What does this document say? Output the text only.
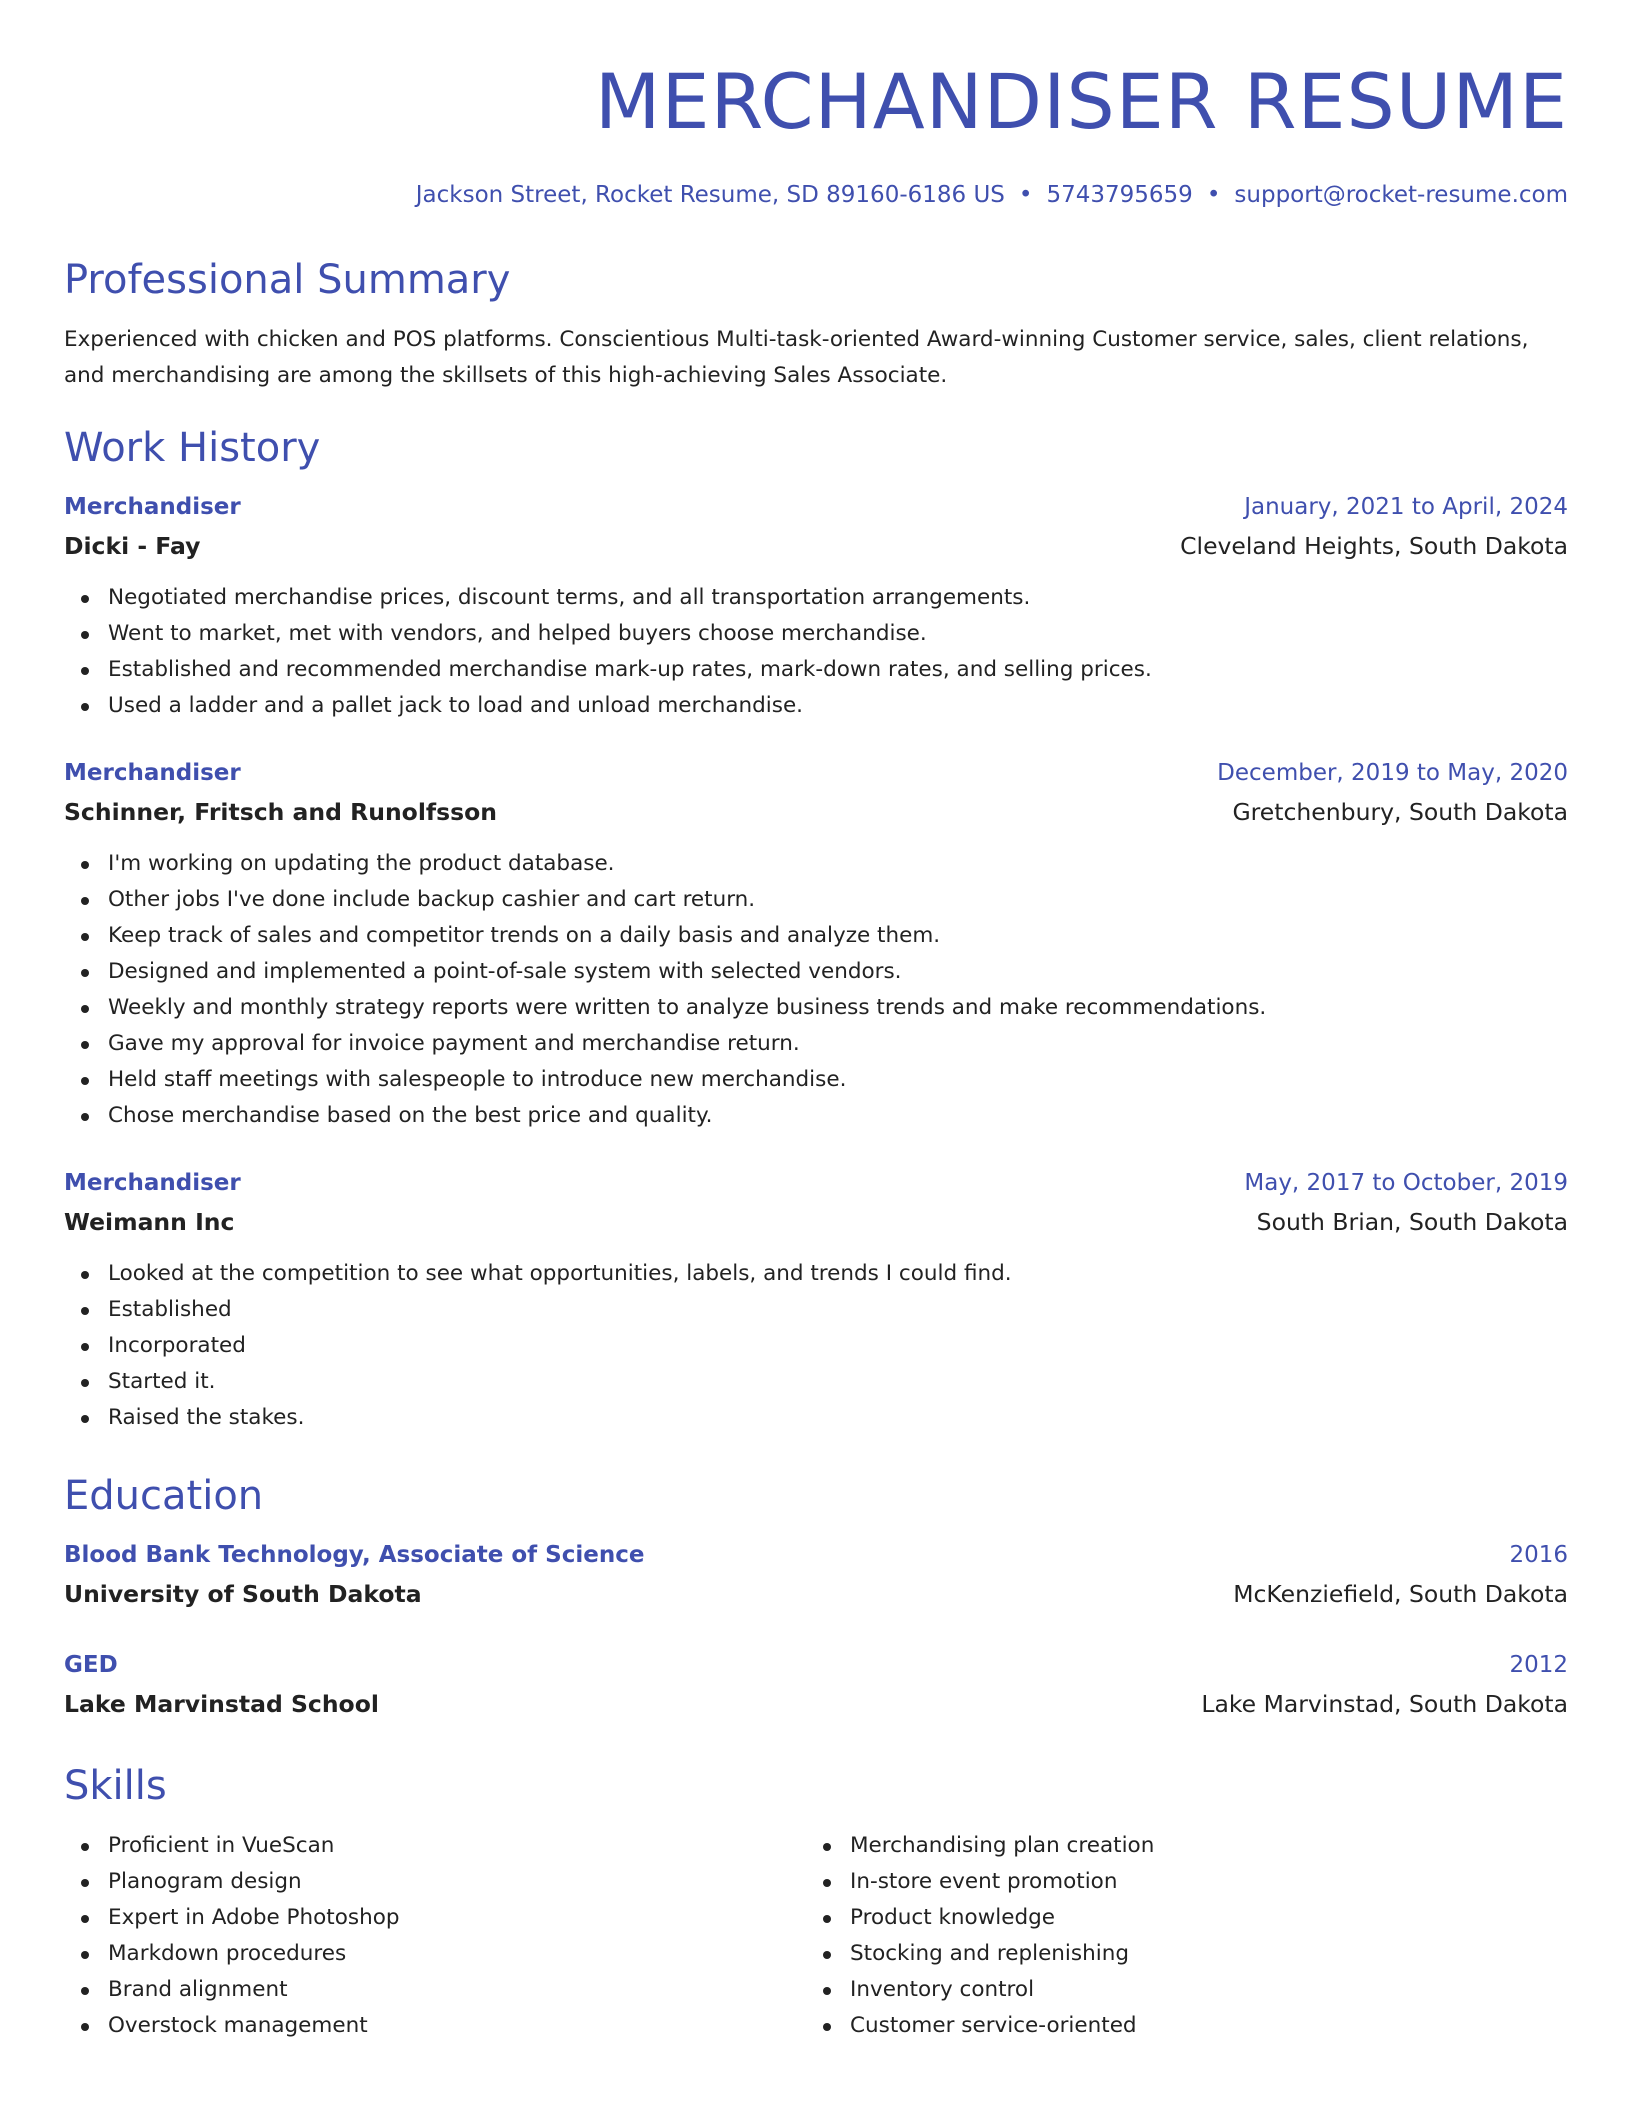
MERCHANDISER RESUME
Jackson Street, Rocket Resume, SD 89160-6186 US • 5743795659 • support@rocket-resume.com
Professional Summary
Experienced with chicken and POS platforms. Conscientious Multi-task-oriented Award-winning Customer service, sales, client relations, and merchandising are among the skillsets of this high-achieving Sales Associate.
Work History
Merchandiser	January, 2021 to April, 2024
Dicki - Fay	Cleveland Heights, South Dakota
Negotiated merchandise prices, discount terms, and all transportation arrangements.
Went to market, met with vendors, and helped buyers choose merchandise.
Established and recommended merchandise mark-up rates, mark-down rates, and selling prices.
Used a ladder and a pallet jack to load and unload merchandise.
Merchandiser	December, 2019 to May, 2020
Schinner, Fritsch and Runolfsson	Gretchenbury, South Dakota
I'm working on updating the product database.
Other jobs I've done include backup cashier and cart return.
Keep track of sales and competitor trends on a daily basis and analyze them.
Designed and implemented a point-of-sale system with selected vendors.
Weekly and monthly strategy reports were written to analyze business trends and make recommendations.
Gave my approval for invoice payment and merchandise return.
Held staff meetings with salespeople to introduce new merchandise.
Chose merchandise based on the best price and quality.
Merchandiser	May, 2017 to October, 2019
Weimann Inc	South Brian, South Dakota
Looked at the competition to see what opportunities, labels, and trends I could find.
Established
Incorporated
Started it.
Raised the stakes.
Education
Blood Bank Technology, Associate of Science	2016
University of South Dakota	McKenziefield, South Dakota
GED	2012
Lake Marvinstad School	Lake Marvinstad, South Dakota
Skills
Proficient in VueScan
Planogram design
Expert in Adobe Photoshop
Markdown procedures
Brand alignment
Overstock management
Merchandising plan creation
In-store event promotion
Product knowledge
Stocking and replenishing
Inventory control
Customer service-oriented
